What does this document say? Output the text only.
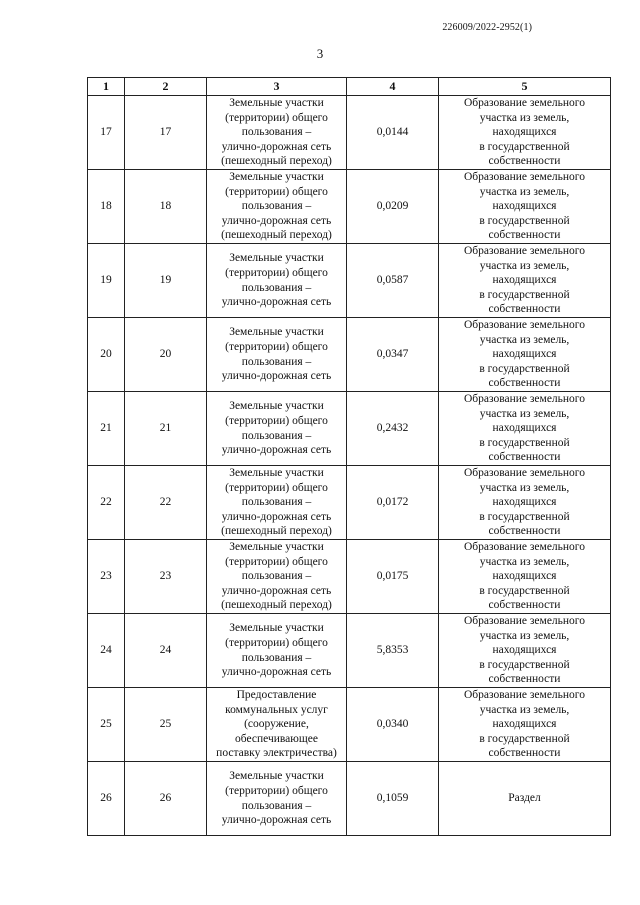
226009/2022-2952(1)
3
1	2	3	4	5
17	17	Земельные участки
(территории) общего
пользования –
улично-дорожная сеть
(пешеходный переход)	0,0144	Образование земельного
участка из земель,
находящихся
в государственной
собственности

18	18	Земельные участки
(территории) общего
пользования –
улично-дорожная сеть
(пешеходный переход)	0,0209	Образование земельного
участка из земель,
находящихся
в государственной
собственности

19	19	Земельные участки
(территории) общего
пользования –
улично-дорожная сеть	0,0587	Образование земельного
участка из земель,
находящихся
в государственной
собственности

20	20	Земельные участки
(территории) общего
пользования –
улично-дорожная сеть	0,0347	Образование земельного
участка из земель,
находящихся
в государственной
собственности

21	21	Земельные участки
(территории) общего
пользования –
улично-дорожная сеть	0,2432	Образование земельного
участка из земель,
находящихся
в государственной
собственности

22	22	Земельные участки
(территории) общего
пользования –
улично-дорожная сеть
(пешеходный переход)	0,0172	Образование земельного
участка из земель,
находящихся
в государственной
собственности

23	23	Земельные участки
(территории) общего
пользования –
улично-дорожная сеть
(пешеходный переход)	0,0175	Образование земельного
участка из земель,
находящихся
в государственной
собственности

24	24	Земельные участки
(территории) общего
пользования –
улично-дорожная сеть	5,8353	Образование земельного
участка из земель,
находящихся
в государственной
собственности

25	25	Предоставление
коммунальных услуг
(сооружение,
обеспечивающее
поставку электричества)	0,0340	Образование земельного
участка из земель,
находящихся
в государственной
собственности

26	26	Земельные участки
(территории) общего
пользования –
улично-дорожная сеть	0,1059	Раздел
